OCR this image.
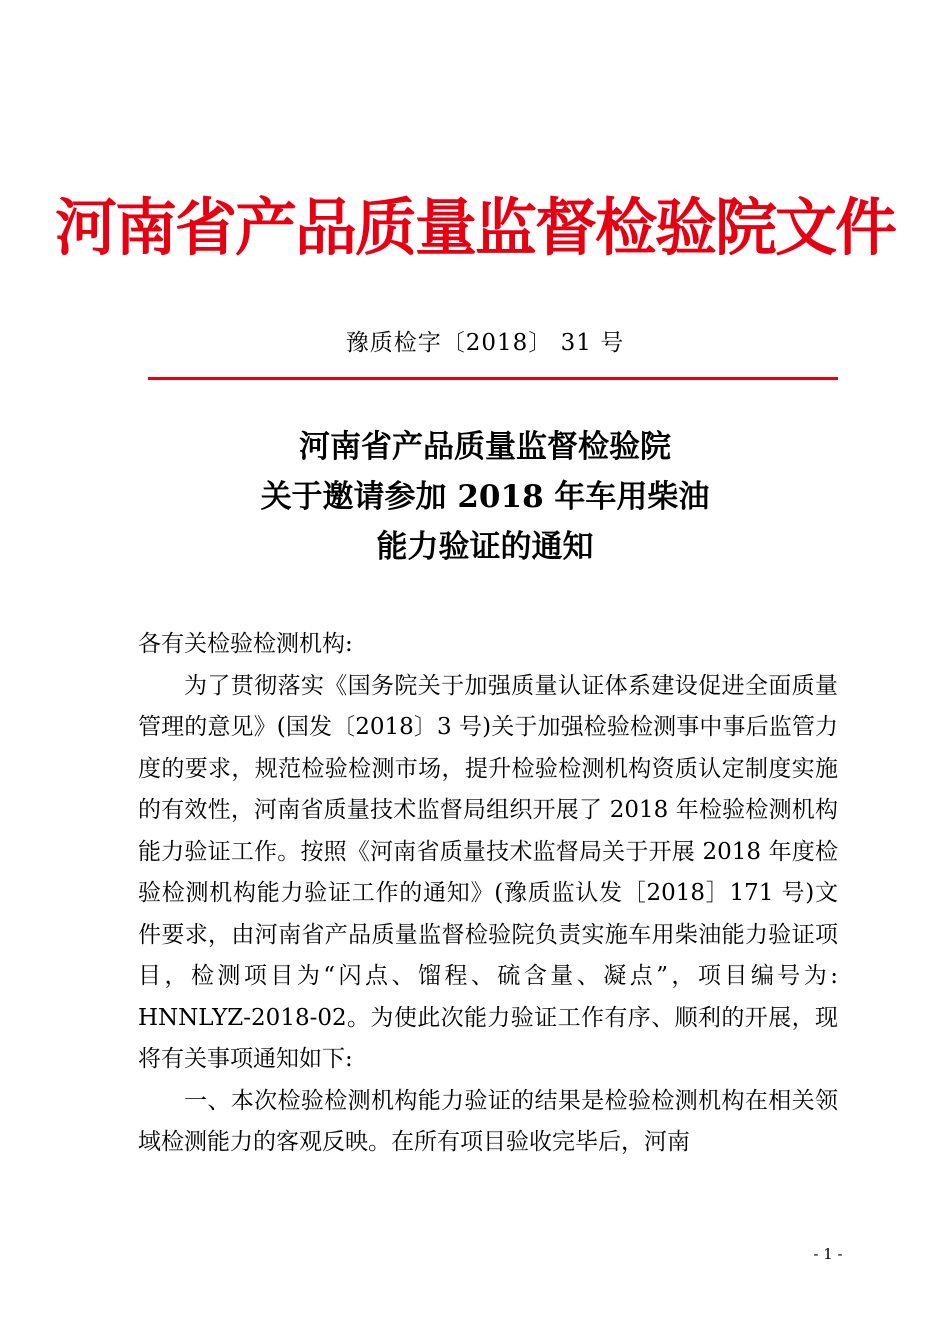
河南省产品质量监督检验院文件
豫质检字〔2018〕 31 号
河南省产品质量监督检验院
关于邀请参加 2018 年车用柴油
能力验证的通知

各有关检验检测机构:

为了贯彻落实《国务院关于加强质量认证体系建设促进全面质量管理的意见》(国发〔2018〕3 号)关于加强检验检测事中事后监管力度的要求，规范检验检测市场，提升检验检测机构资质认定制度实施的有效性，河南省质量技术监督局组织开展了 2018 年检验检测机构能力验证工作。按照《河南省质量技术监督局关于开展 2018 年度检验检测机构能力验证工作的通知》(豫质监认发［2018］171 号)文件要求，由河南省产品质量监督检验院负责实施车用柴油能力验证项目，检测项目为“闪点、馏程、硫含量、凝点”，项目编号为: HNNLYZ-2018-02。为使此次能力验证工作有序、顺利的开展，现将有关事项通知如下:

一、本次检验检测机构能力验证的结果是检验检测机构在相关领域检测能力的客观反映。在所有项目验收完毕后，河南

- 1 -
